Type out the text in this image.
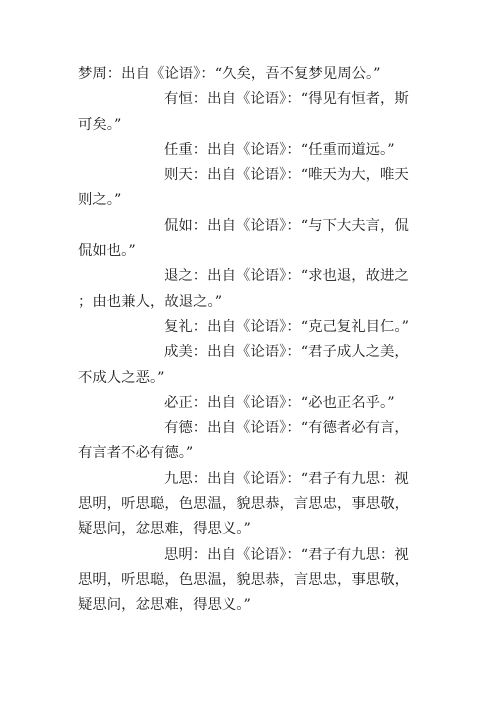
梦周：出自《论语》：“久矣，吾不复梦见周公。”

有恒：出自《论语》：“得见有恒者，斯可矣。”

任重：出自《论语》：“任重而道远。”

则天：出自《论语》：“唯天为大，唯天则之。”

侃如：出自《论语》：“与下大夫言，侃侃如也。”

退之：出自《论语》：“求也退，故进之；由也兼人，故退之。”

复礼：出自《论语》：“克己复礼目仁。”

成美：出自《论语》：“君子成人之美，不成人之恶。”

必正：出自《论语》：“必也正名乎。”

有德：出自《论语》：“有德者必有言，有言者不必有德。”

九思：出自《论语》：“君子有九思：视思明，听思聪，色思温，貌思恭，言思忠，事思敬，疑思问，忿思难，得思义。”

思明：出自《论语》：“君子有九思：视思明，听思聪，色思温，貌思恭，言思忠，事思敬，疑思问，忿思难，得思义。”
